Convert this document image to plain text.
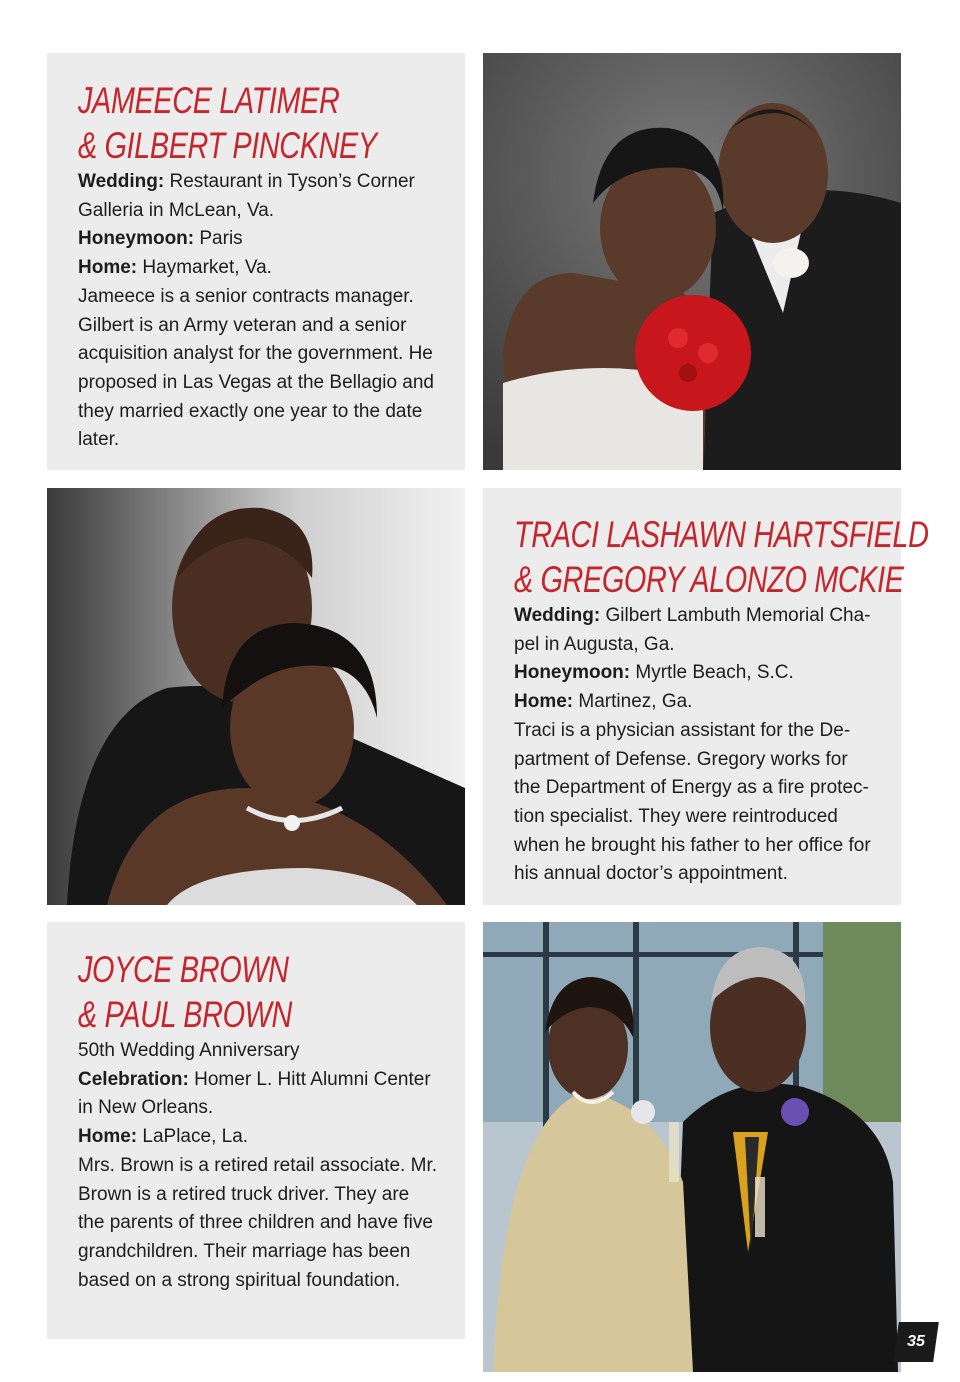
JAMEECE LATIMER

& GILBERT PINCKNEY

Wedding: Restaurant in Tyson’s Corner

Galleria in McLean, Va.

Honeymoon: Paris

Home: Haymarket, Va.

Jameece is a senior contracts manager.

Gilbert is an Army veteran and a senior

acquisition analyst for the government. He

proposed in Las Vegas at the Bellagio and

they married exactly one year to the date

later.

TRACI LASHAWN HARTSFIELD

& GREGORY ALONZO MCKIE

Wedding: Gilbert Lambuth Memorial Cha-

pel in Augusta, Ga.

Honeymoon: Myrtle Beach, S.C.

Home: Martinez, Ga.

Traci is a physician assistant for the De-

partment of Defense. Gregory works for

the Department of Energy as a fire protec-

tion specialist. They were reintroduced

when he brought his father to her office for

his annual doctor’s appointment.

JOYCE BROWN

& PAUL BROWN

50th Wedding Anniversary

Celebration: Homer L. Hitt Alumni Center

in New Orleans.

Home: LaPlace, La.

Mrs. Brown is a retired retail associate. Mr.

Brown is a retired truck driver. They are

the parents of three children and have five

grandchildren. Their marriage has been

based on a strong spiritual foundation.

35
